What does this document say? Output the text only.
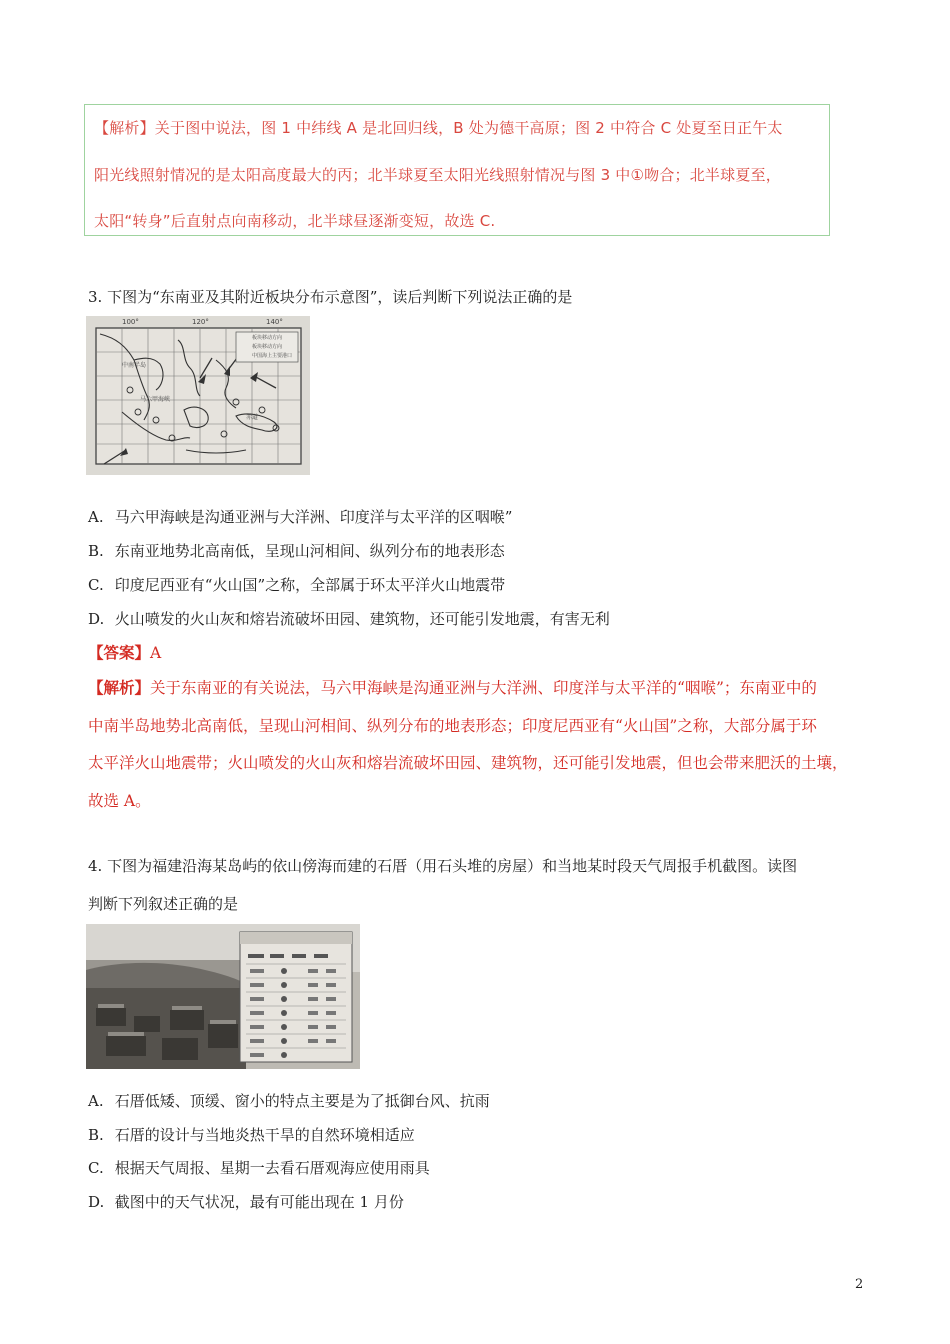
【解析】关于图中说法，图 1 中纬线 A 是北回归线，B 处为德干高原；图 2 中符合 C 处夏至日正午太
阳光线照射情况的是太阳高度最大的丙；北半球夏至太阳光线照射情况与图 3 中①吻合；北半球夏至，
太阳“转身”后直射点向南移动，北半球昼逐渐变短，故选 C.
3. 下图为“东南亚及其附近板块分布示意图”，读后判断下列说法正确的是
100°	120°	140°
板块移动方向
板块移动方向
中国海上主要港口
中南半岛
马六甲海峡
赤道
A. 马六甲海峡是沟通亚洲与大洋洲、印度洋与太平洋的区咽喉”
B. 东南亚地势北高南低，呈现山河相间、纵列分布的地表形态
C. 印度尼西亚有“火山国”之称，全部属于环太平洋火山地震带
D. 火山喷发的火山灰和熔岩流破坏田园、建筑物，还可能引发地震，有害无利
【答案】A
【解析】关于东南亚的有关说法，马六甲海峡是沟通亚洲与大洋洲、印度洋与太平洋的“咽喉”；东南亚中的
中南半岛地势北高南低，呈现山河相间、纵列分布的地表形态；印度尼西亚有“火山国”之称，大部分属于环
太平洋火山地震带；火山喷发的火山灰和熔岩流破坏田园、建筑物，还可能引发地震，但也会带来肥沃的土壤，
故选 A。
4. 下图为福建沿海某岛屿的依山傍海而建的石厝（用石头堆的房屋）和当地某时段天气周报手机截图。读图
判断下列叙述正确的是
A. 石厝低矮、顶缓、窗小的特点主要是为了抵御台风、抗雨
B. 石厝的设计与当地炎热干旱的自然环境相适应
C. 根据天气周报、星期一去看石厝观海应使用雨具
D. 截图中的天气状况，最有可能出现在 1 月份
2
